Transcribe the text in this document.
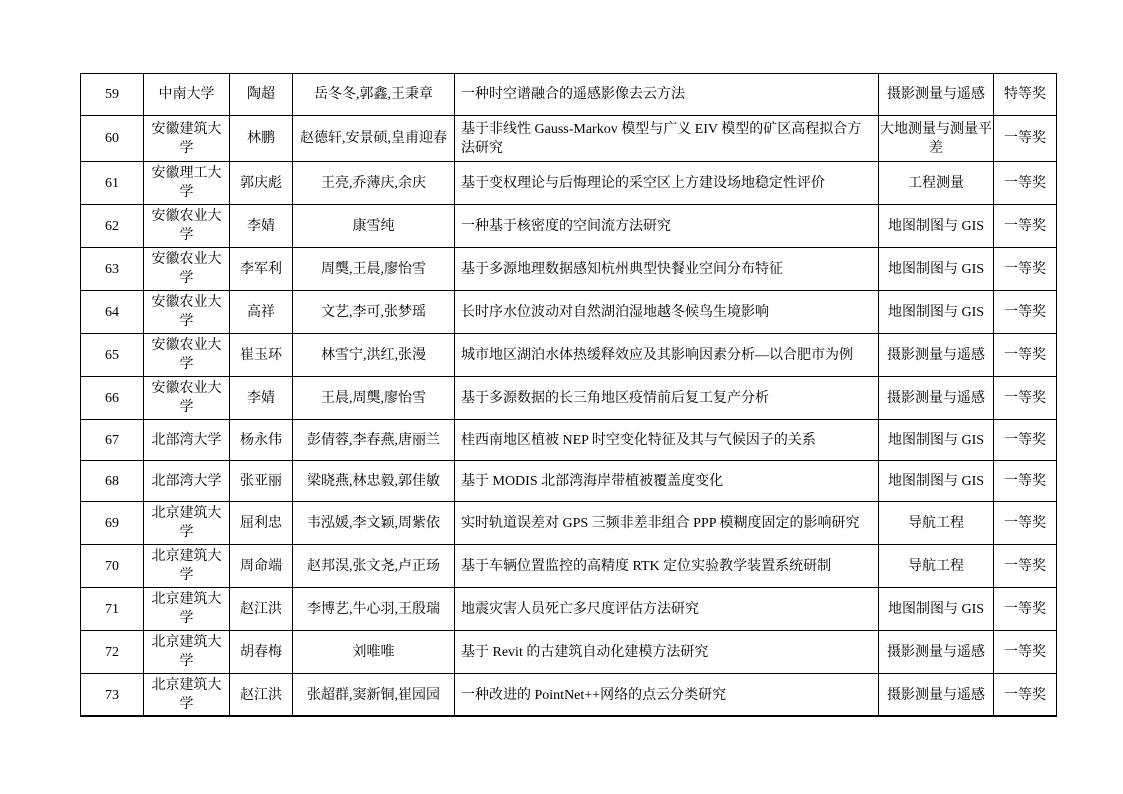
59	中南大学	陶超	岳冬冬,郭鑫,王秉章	一种时空谱融合的遥感影像去云方法	摄影测量与遥感	特等奖
60	安徽建筑大学	林鹏	赵德轩,安景硕,皇甫迎春	基于非线性 Gauss-Markov 模型与广义 EIV 模型的矿区高程拟合方法研究	大地测量与测量平差	一等奖
61	安徽理工大学	郭庆彪	王亮,乔薄庆,余庆	基于变权理论与后悔理论的采空区上方建设场地稳定性评价	工程测量	一等奖
62	安徽农业大学	李婧	康雪纯	一种基于核密度的空间流方法研究	地图制图与 GIS	一等奖
63	安徽农业大学	李军利	周龑,王晨,廖怡雪	基于多源地理数据感知杭州典型快餐业空间分布特征	地图制图与 GIS	一等奖
64	安徽农业大学	高祥	文艺,李可,张梦瑶	长时序水位波动对自然湖泊湿地越冬候鸟生境影响	地图制图与 GIS	一等奖
65	安徽农业大学	崔玉环	林雪宁,洪红,张漫	城市地区湖泊水体热缓释效应及其影响因素分析—以合肥市为例	摄影测量与遥感	一等奖
66	安徽农业大学	李婧	王晨,周龑,廖怡雪	基于多源数据的长三角地区疫情前后复工复产分析	摄影测量与遥感	一等奖
67	北部湾大学	杨永伟	彭倩蓉,李春燕,唐丽兰	桂西南地区植被 NEP 时空变化特征及其与气候因子的关系	地图制图与 GIS	一等奖
68	北部湾大学	张亚丽	梁晓燕,林忠毅,郭佳敏	基于 MODIS 北部湾海岸带植被覆盖度变化	地图制图与 GIS	一等奖
69	北京建筑大学	屈利忠	韦泓媛,李文颖,周紫依	实时轨道误差对 GPS 三频非差非组合 PPP 模糊度固定的影响研究	导航工程	一等奖
70	北京建筑大学	周命端	赵邦淏,张文尧,卢正玚	基于车辆位置监控的高精度 RTK 定位实验教学装置系统研制	导航工程	一等奖
71	北京建筑大学	赵江洪	李博艺,牛心羽,王殷瑞	地震灾害人员死亡多尺度评估方法研究	地图制图与 GIS	一等奖
72	北京建筑大学	胡春梅	刘唯唯	基于 Revit 的古建筑自动化建模方法研究	摄影测量与遥感	一等奖
73	北京建筑大学	赵江洪	张超群,窦新铜,崔园园	一种改进的 PointNet++网络的点云分类研究	摄影测量与遥感	一等奖
